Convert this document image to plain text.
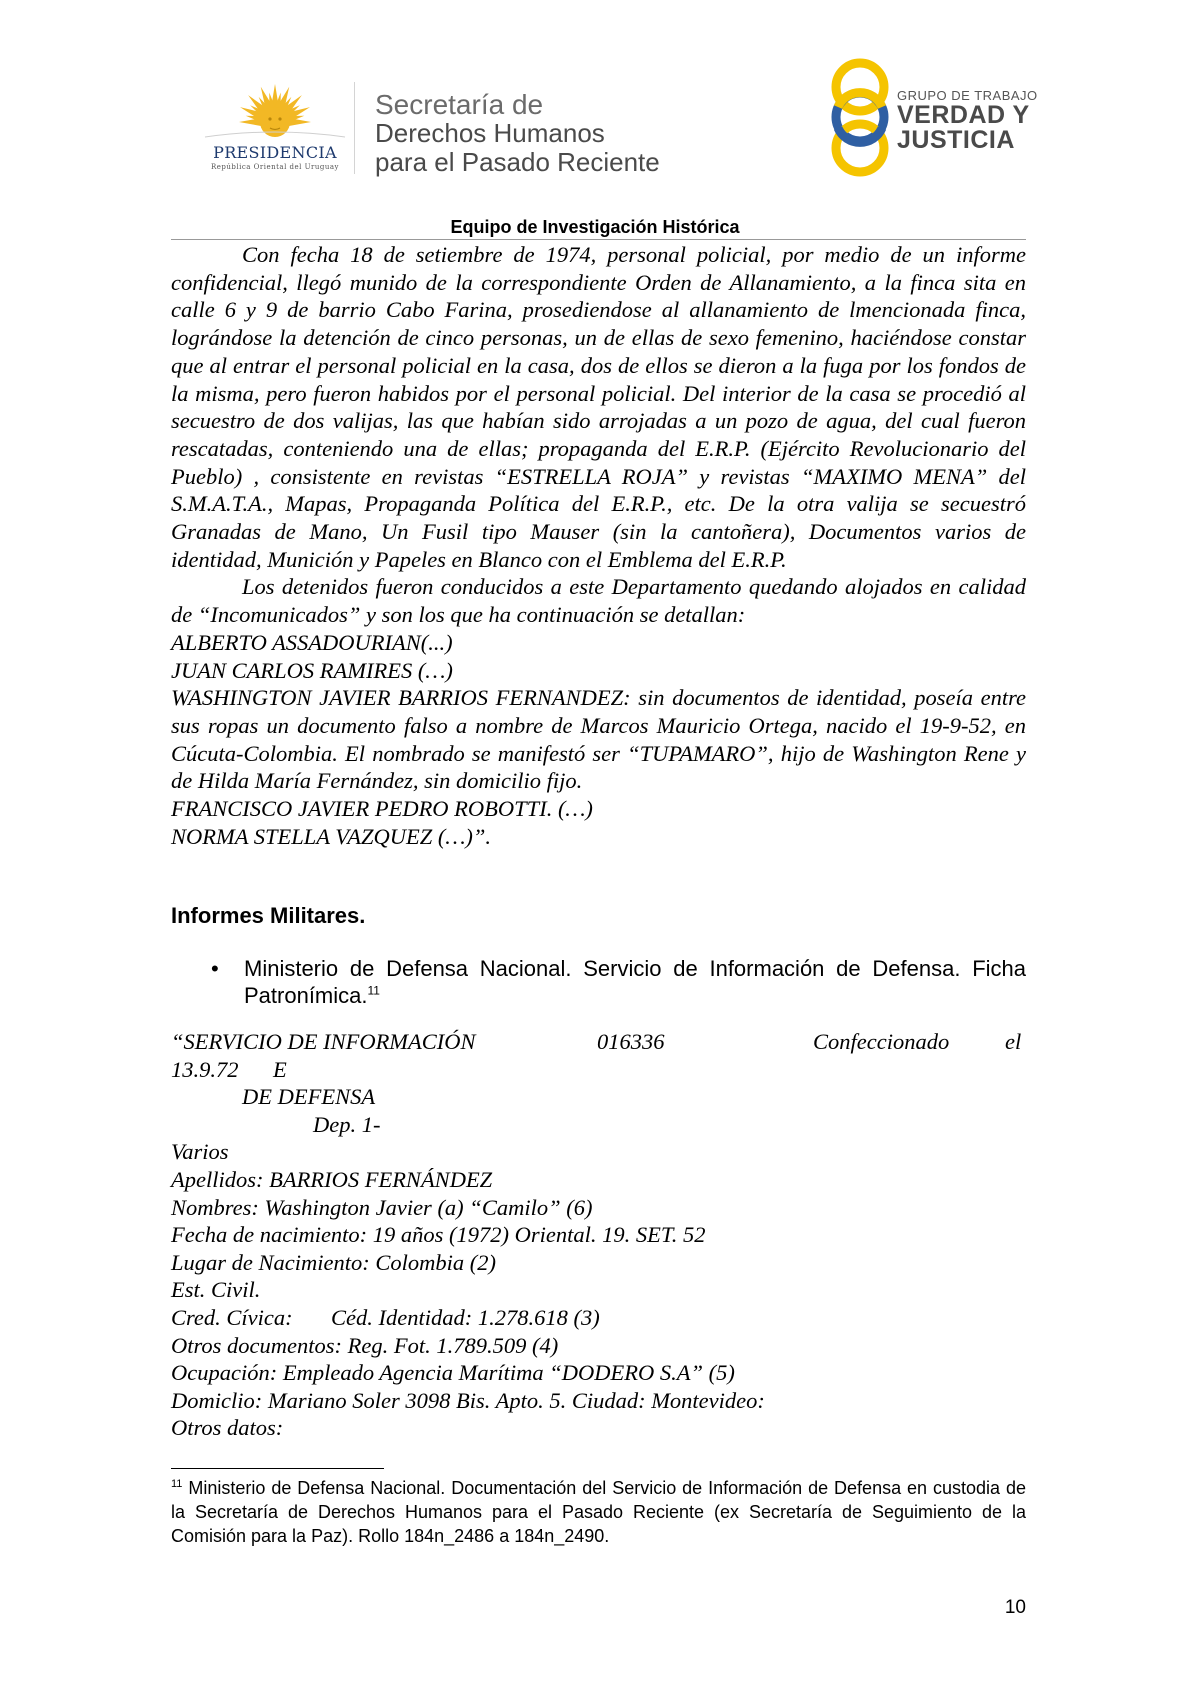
PRESIDENCIA
República Oriental del Uruguay
Secretaría de
Derechos Humanos
para el Pasado Reciente
GRUPO DE TRABAJO
VERDAD Y
JUSTICIA
Equipo de Investigación Histórica

Con fecha 18 de setiembre de 1974, personal policial, por medio de un informe confidencial, llegó munido de la correspondiente Orden de Allanamiento, a la finca sita en calle 6 y 9 de barrio Cabo Farina, prosediendose al allanamiento de lmencionada finca, lográndose la detención de cinco personas, un de ellas de sexo femenino, haciéndose constar que al entrar el personal policial en la casa, dos de ellos se dieron a la fuga por los fondos de la misma, pero fueron habidos por el personal policial. Del interior de la casa se procedió al secuestro de dos valijas, las que habían sido arrojadas a un pozo de agua, del cual fueron rescatadas, conteniendo una de ellas; propaganda del E.R.P. (Ejército Revolucionario del Pueblo) , consistente en revistas “ESTRELLA ROJA” y revistas “MAXIMO MENA” del S.M.A.T.A., Mapas, Propaganda Política del E.R.P., etc. De la otra valija se secuestró Granadas de Mano, Un Fusil tipo Mauser (sin la cantoñera), Documentos varios de identidad, Munición y Papeles en Blanco con el Emblema del E.R.P.

Los detenidos fueron conducidos a este Departamento quedando alojados en calidad de “Incomunicados” y son los que ha continuación se detallan:

ALBERTO ASSADOURIAN(...)

JUAN CARLOS RAMIRES (…)

WASHINGTON JAVIER BARRIOS FERNANDEZ: sin documentos de identidad, poseía entre sus ropas un documento falso a nombre de Marcos Mauricio Ortega, nacido el 19-9-52, en Cúcuta-Colombia. El nombrado se manifestó ser “TUPAMARO”, hijo de Washington Rene y de Hilda María Fernández, sin domicilio fijo.

FRANCISCO JAVIER PEDRO ROBOTTI. (…)

NORMA STELLA VAZQUEZ (…)”.

Informes Militares.
• Ministerio de Defensa Nacional. Servicio de Información de Defensa. Ficha Patronímica.$^{11}$
“SERVICIO DE INFORMACIÓN	016336	Confeccionado el
13.9.72 E
DE DEFENSA
Dep. 1-
Varios
Apellidos: BARRIOS FERNÁNDEZ
Nombres: Washington Javier (a) “Camilo” (6)
Fecha de nacimiento: 19 años (1972) Oriental. 19. SET. 52
Lugar de Nacimiento: Colombia (2)
Est. Civil.
Cred. Cívica: Céd. Identidad: 1.278.618 (3)
Otros documentos: Reg. Fot. 1.789.509 (4)
Ocupación: Empleado Agencia Marítima “DODERO S.A” (5)
Domiclio: Mariano Soler 3098 Bis. Apto. 5. Ciudad: Montevideo:
Otros datos:
$^{11}$ Ministerio de Defensa Nacional. Documentación del Servicio de Información de Defensa en custodia de la Secretaría de Derechos Humanos para el Pasado Reciente (ex Secretaría de Seguimiento de la Comisión para la Paz). Rollo 184n_2486 a 184n_2490.
10
